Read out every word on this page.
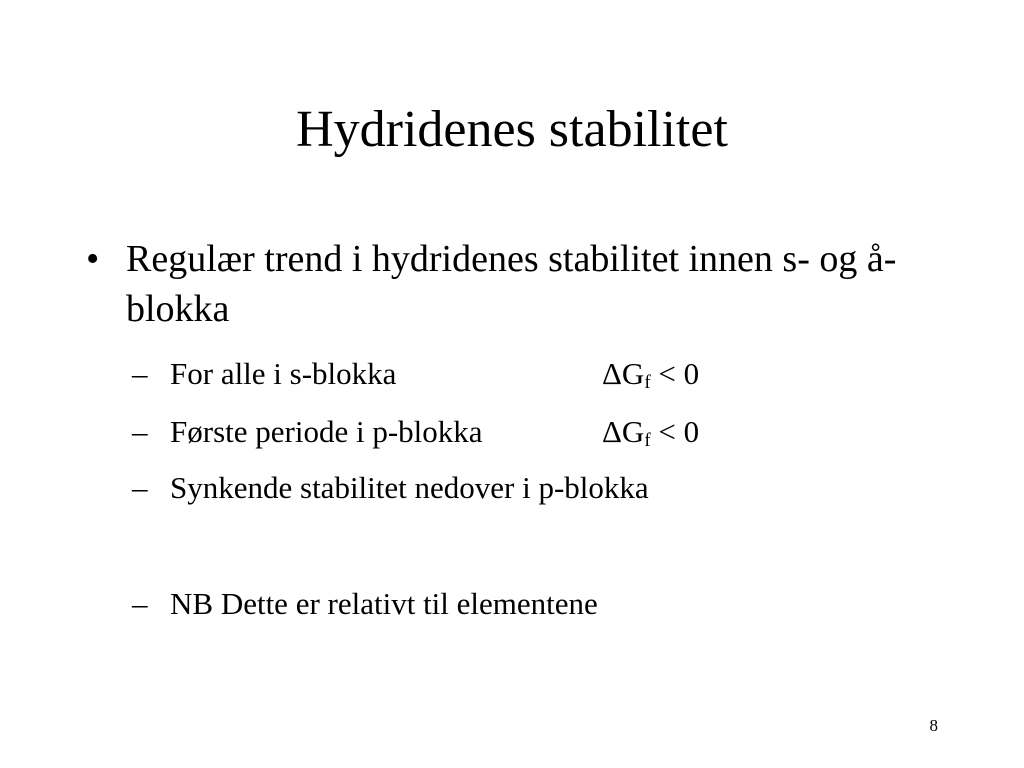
Hydridenes stabilitet
• Regulær trend i hydridenes stabilitet innen s- og å-blokka
– For alle i s-blokka	$\Delta G_f < 0$
– Første periode i p-blokka	$\Delta G_f < 0$
– Synkende stabilitet nedover i p-blokka
– NB Dette er relativt til elementene
8
